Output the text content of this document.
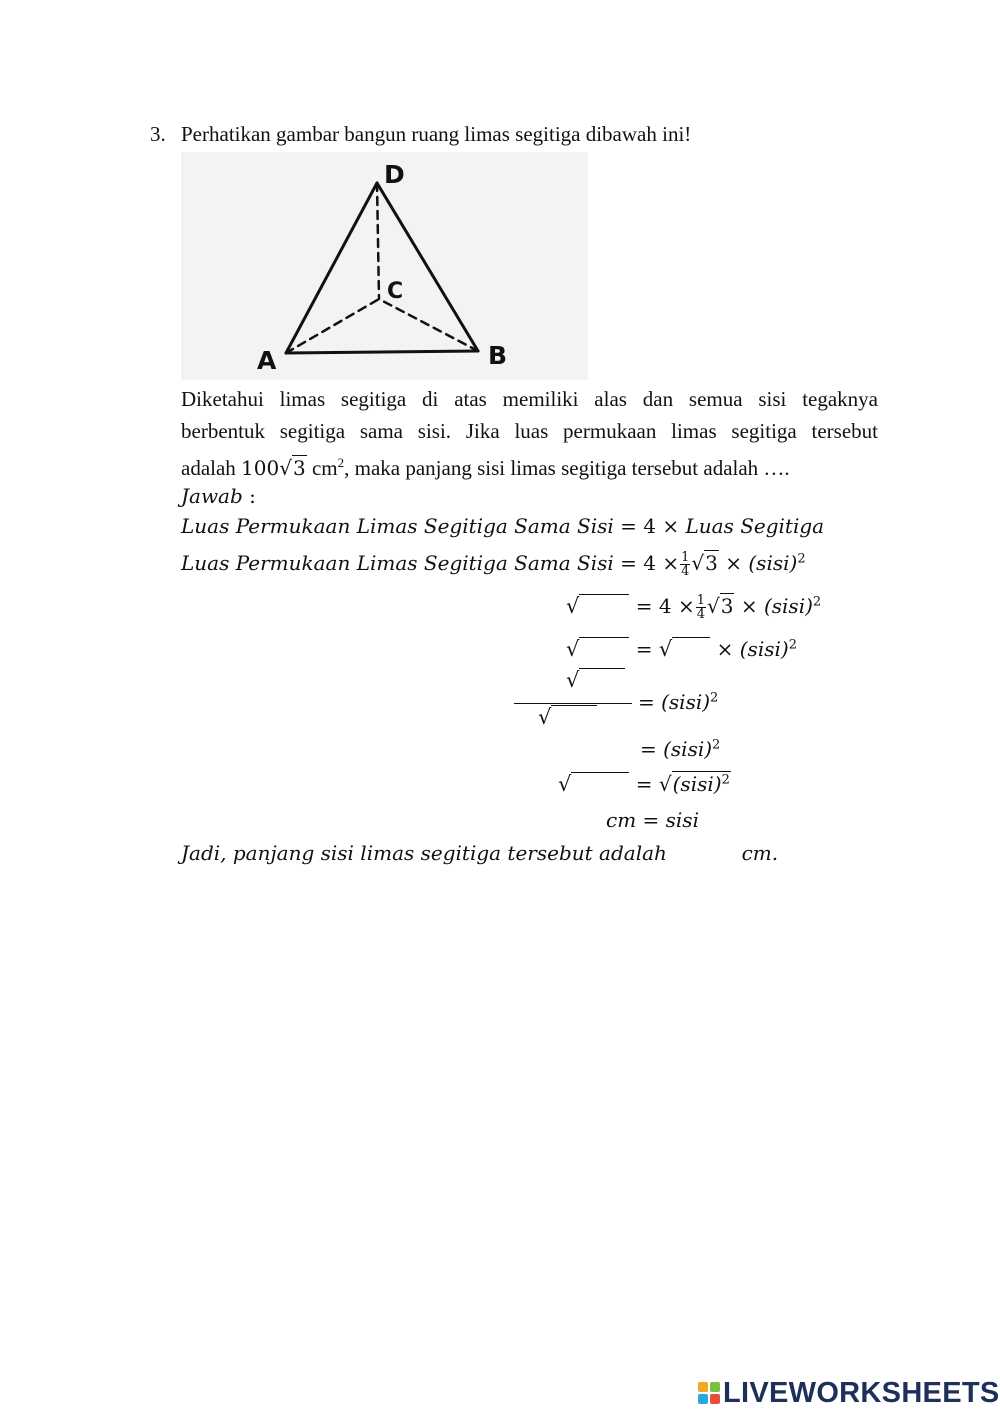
3. Perhatikan gambar bangun ruang limas segitiga dibawah ini!
D
C
A	B
Diketahui limas segitiga di atas memiliki alas dan semua sisi tegaknya
berbentuk segitiga sama sisi. Jika luas permukaan limas segitiga tersebut
adalah 100√3 $cm^2$, maka panjang sisi limas segitiga tersebut adalah ….
Jawab :
Luas Permukaan Limas Segitiga Sama Sisi = 4 × Luas Segitiga
Luas Permukaan Limas Segitiga Sama Sisi = $4 \times \frac{1}{4} √3$ × (sisi)$^2$
√	= $4 \times \frac{1}{4} √3$ × (sisi)$^2$
√	= √ × (sisi)$^2$
√
√
= (sisi)$^2$
= (sisi)$^2$
√	= √(sisi)$^2$
cm = sisi
Jadi, panjang sisi limas segitiga tersebut adalah	cm.
LIVEWORKSHEETS
